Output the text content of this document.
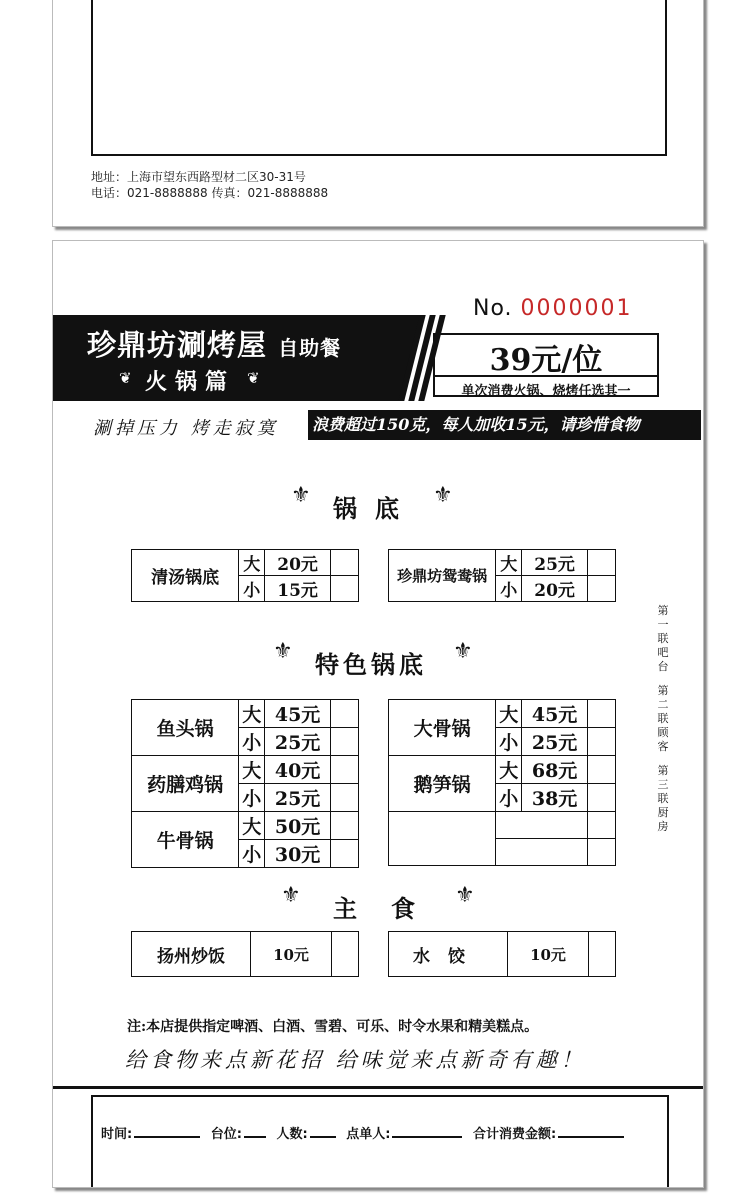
地址：上海市望东西路型材二区30-31号
电话：021-8888888 传真：021-8888888
No. 0000001
珍鼎坊涮烤屋 自助餐
❦ 火锅篇 ❦	39元/位
单次消费火锅、烧烤任选其一
涮掉压力 烤走寂寞 浪费超过150克，每人加收15元，请珍惜食物
⚜ 锅底 ⚜
清汤锅底	大	20元	
	小	15元	
珍鼎坊鸳鸯锅	大	25元	
	小	20元	
⚜ 特色锅底 ⚜
鱼头锅	大	45元	
	小	25元	
药膳鸡锅	大	40元	
	小	25元	
牛骨锅	大	50元	
	小	30元	
大骨锅	大	45元	
	小	25元	
鹅笋锅	大	68元	
	小	38元	

⚜ 主食 ⚜
扬州炒饭	10元		水饺	10元	
第一联 吧台
第二联 顾客
第三联 厨房
注:本店提供指定啤酒、白酒、雪碧、可乐、时令水果和精美糕点。
给食物来点新花招 给味觉来点新奇有趣！
时间:	台位:	人数:	点单人:	合计消费金额:
